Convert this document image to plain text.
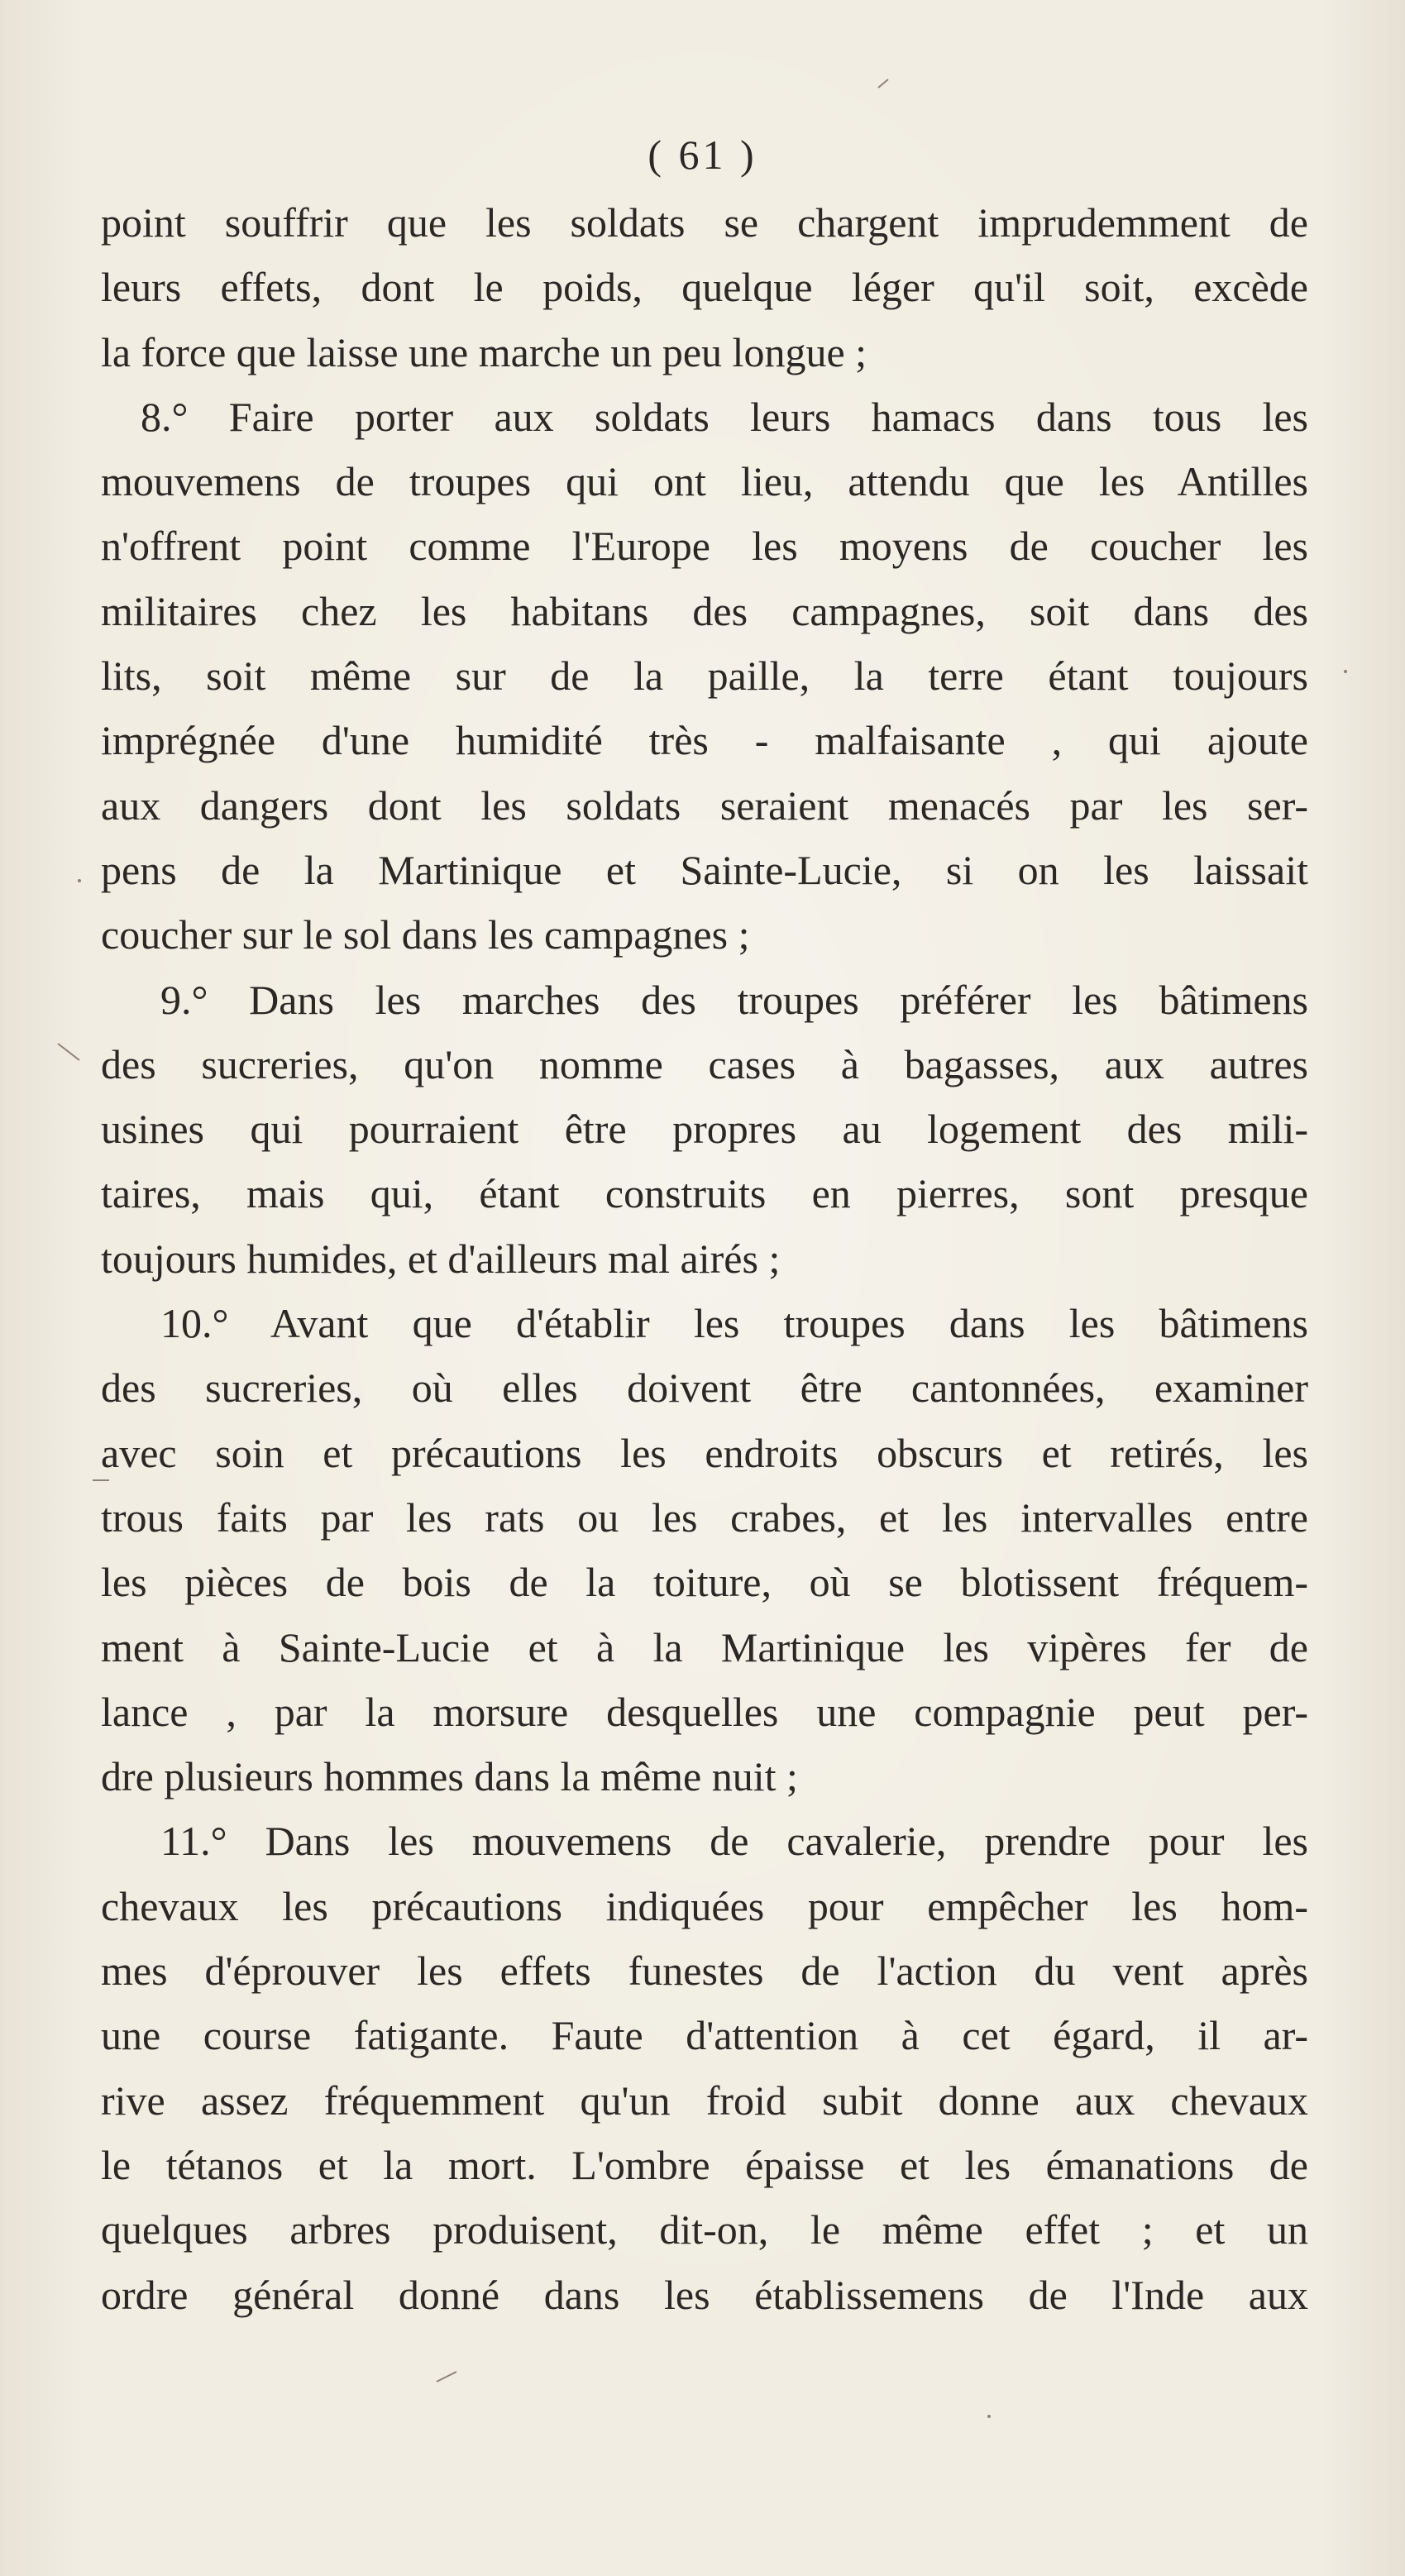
( 61 )
point souffrir que les soldats se chargent imprudemment de
leurs effets, dont le poids, quelque léger qu'il soit, excède
la force que laisse une marche un peu longue ;
8.° Faire porter aux soldats leurs hamacs dans tous les
mouvemens de troupes qui ont lieu, attendu que les Antilles
n'offrent point comme l'Europe les moyens de coucher les
militaires chez les habitans des campagnes, soit dans des
lits, soit même sur de la paille, la terre étant toujours
imprégnée d'une humidité très - malfaisante , qui ajoute
aux dangers dont les soldats seraient menacés par les ser-
pens de la Martinique et Sainte-Lucie, si on les laissait
coucher sur le sol dans les campagnes ;
9.° Dans les marches des troupes préférer les bâtimens
des sucreries, qu'on nomme cases à bagasses, aux autres
usines qui pourraient être propres au logement des mili-
taires, mais qui, étant construits en pierres, sont presque
toujours humides, et d'ailleurs mal airés ;
10.° Avant que d'établir les troupes dans les bâtimens
des sucreries, où elles doivent être cantonnées, examiner
avec soin et précautions les endroits obscurs et retirés, les
trous faits par les rats ou les crabes, et les intervalles entre
les pièces de bois de la toiture, où se blotissent fréquem-
ment à Sainte-Lucie et à la Martinique les vipères fer de
lance , par la morsure desquelles une compagnie peut per-
dre plusieurs hommes dans la même nuit ;
11.° Dans les mouvemens de cavalerie, prendre pour les
chevaux les précautions indiquées pour empêcher les hom-
mes d'éprouver les effets funestes de l'action du vent après
une course fatigante. Faute d'attention à cet égard, il ar-
rive assez fréquemment qu'un froid subit donne aux chevaux
le tétanos et la mort. L'ombre épaisse et les émanations de
quelques arbres produisent, dit-on, le même effet ; et un
ordre général donné dans les établissemens de l'Inde aux
